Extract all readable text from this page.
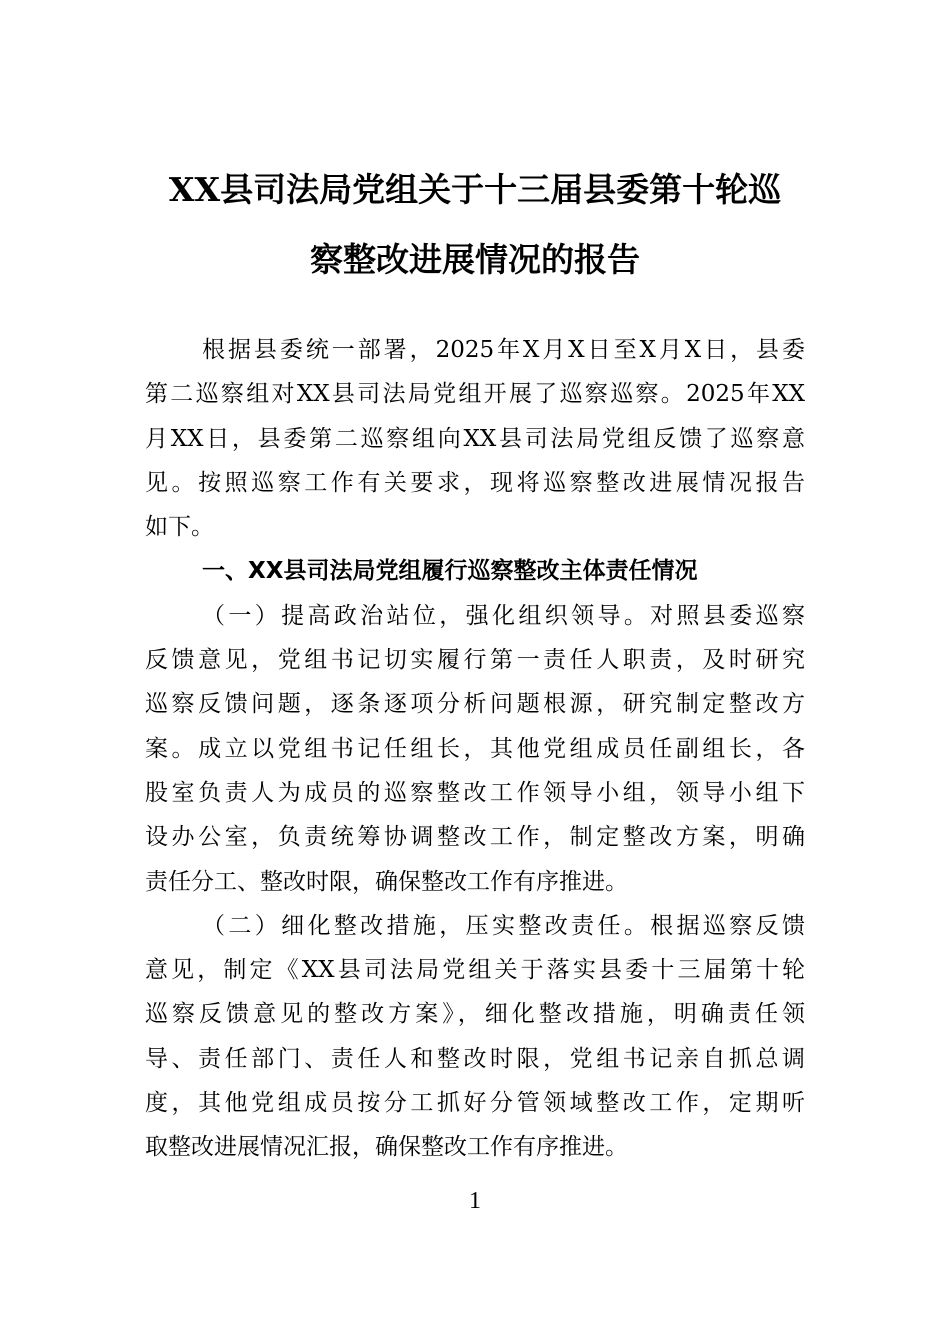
XX县司法局党组关于十三届县委第十轮巡
察整改进展情况的报告
根据县委统一部署，2025年X月X日至X月X日，县委
第二巡察组对XX县司法局党组开展了巡察巡察。2025年XX
月XX日，县委第二巡察组向XX县司法局党组反馈了巡察意
见。按照巡察工作有关要求，现将巡察整改进展情况报告
如下。
一、XX县司法局党组履行巡察整改主体责任情况
（一）提高政治站位，强化组织领导。对照县委巡察
反馈意见，党组书记切实履行第一责任人职责，及时研究
巡察反馈问题，逐条逐项分析问题根源，研究制定整改方
案。成立以党组书记任组长，其他党组成员任副组长，各
股室负责人为成员的巡察整改工作领导小组，领导小组下
设办公室，负责统筹协调整改工作，制定整改方案，明确
责任分工、整改时限，确保整改工作有序推进。
（二）细化整改措施，压实整改责任。根据巡察反馈
意见，制定《XX县司法局党组关于落实县委十三届第十轮
巡察反馈意见的整改方案》，细化整改措施，明确责任领
导、责任部门、责任人和整改时限，党组书记亲自抓总调
度，其他党组成员按分工抓好分管领域整改工作，定期听
取整改进展情况汇报，确保整改工作有序推进。
1
